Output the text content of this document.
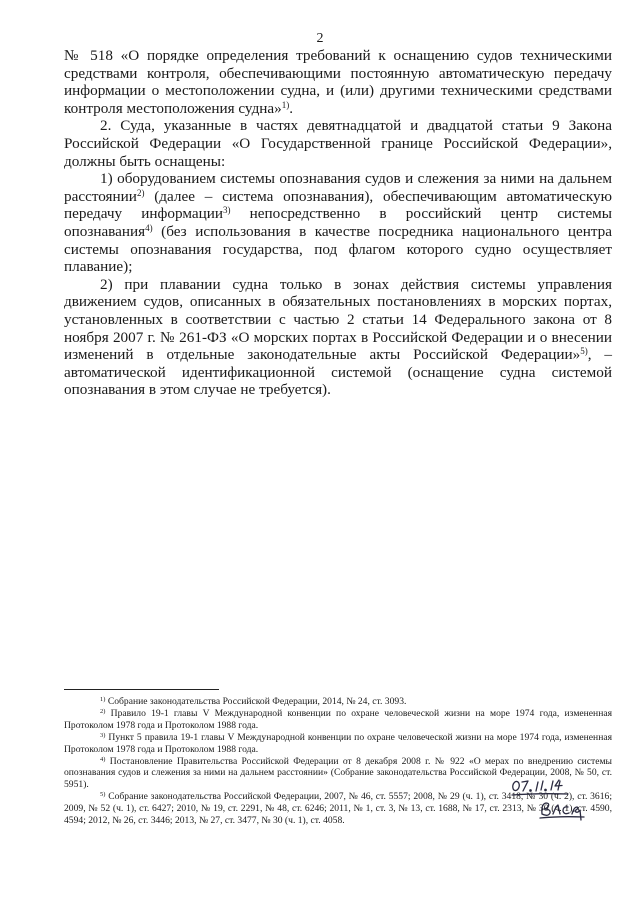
2

№ 518 «О порядке определения требований к оснащению судов техническими средствами контроля, обеспечивающими постоянную автоматическую передачу информации о местоположении судна, и (или) другими техническими средствами контроля местоположения судна»$^{1)}$.

2. Суда, указанные в частях девятнадцатой и двадцатой статьи 9 Закона Российской Федерации «О Государственной границе Российской Федерации», должны быть оснащены:

1) оборудованием системы опознавания судов и слежения за ними на дальнем расстоянии$^{2)}$ (далее – система опознавания), обеспечивающим автоматическую передачу информации$^{3)}$ непосредственно в российский центр системы опознавания$^{4)}$ (без использования в качестве посредника национального центра системы опознавания государства, под флагом которого судно осуществляет плавание);

2) при плавании судна только в зонах действия системы управления движением судов, описанных в обязательных постановлениях в морских портах, установленных в соответствии с частью 2 статьи 14 Федерального закона от 8 ноября 2007 г. № 261-ФЗ «О морских портах в Российской Федерации и о внесении изменений в отдельные законодательные акты Российской Федерации»$^{5)}$, – автоматической идентификационной системой (оснащение судна системой опознавания в этом случае не требуется).

$^{1)}$ Собрание законодательства Российской Федерации, 2014, № 24, ст. 3093.

$^{2)}$ Правило 19-1 главы V Международной конвенции по охране человеческой жизни на море 1974 года, измененная Протоколом 1978 года и Протоколом 1988 года.

$^{3)}$ Пункт 5 правила 19-1 главы V Международной конвенции по охране человеческой жизни на море 1974 года, измененная Протоколом 1978 года и Протоколом 1988 года.

$^{4)}$ Постановление Правительства Российской Федерации от 8 декабря 2008 г. № 922 «О мерах по внедрению системы опознавания судов и слежения за ними на дальнем расстоянии» (Собрание законодательства Российской Федерации, 2008, № 50, ст. 5951).

$^{5)}$ Собрание законодательства Российской Федерации, 2007, № 46, ст. 5557; 2008, № 29 (ч. 1), ст. 3418, № 30 (ч. 2), ст. 3616; 2009, № 52 (ч. 1), ст. 6427; 2010, № 19, ст. 2291, № 48, ст. 6246; 2011, № 1, ст. 3, № 13, ст. 1688, № 17, ст. 2313, № 30 (ч. 1), ст. 4590, 4594; 2012, № 26, ст. 3446; 2013, № 27, ст. 3477, № 30 (ч. 1), ст. 4058.
